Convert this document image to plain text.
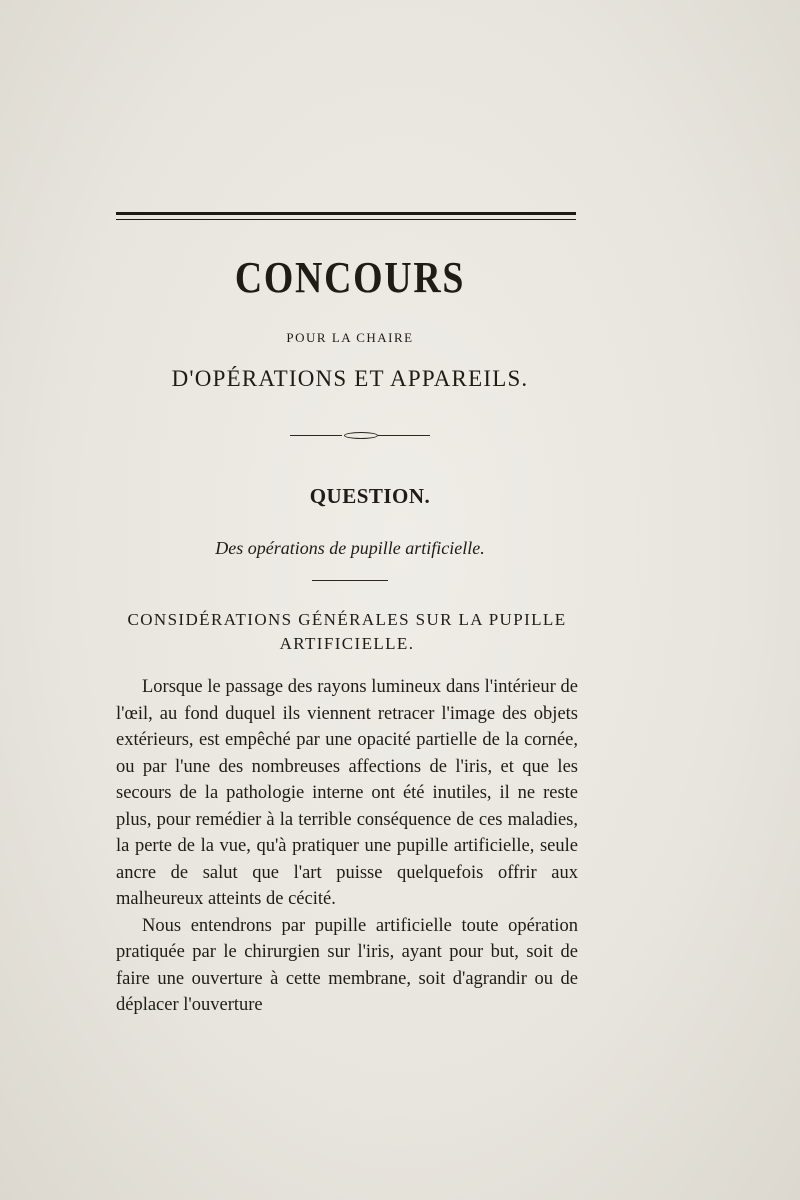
CONCOURS
POUR LA CHAIRE
D'OPÉRATIONS ET APPAREILS.
QUESTION.
Des opérations de pupille artificielle.
CONSIDÉRATIONS GÉNÉRALES SUR LA PUPILLE
ARTIFICIELLE.

Lorsque le passage des rayons lumineux dans l'intérieur de l'œil, au fond duquel ils viennent retracer l'image des objets extérieurs, est empêché par une opacité partielle de la cornée, ou par l'une des nombreuses affections de l'iris, et que les secours de la pathologie interne ont été inutiles, il ne reste plus, pour remédier à la terrible conséquence de ces maladies, la perte de la vue, qu'à pratiquer une pupille artificielle, seule ancre de salut que l'art puisse quelquefois offrir aux malheureux atteints de cécité.

Nous entendrons par pupille artificielle toute opération pratiquée par le chirurgien sur l'iris, ayant pour but, soit de faire une ouverture à cette membrane, soit d'agrandir ou de déplacer l'ouverture
